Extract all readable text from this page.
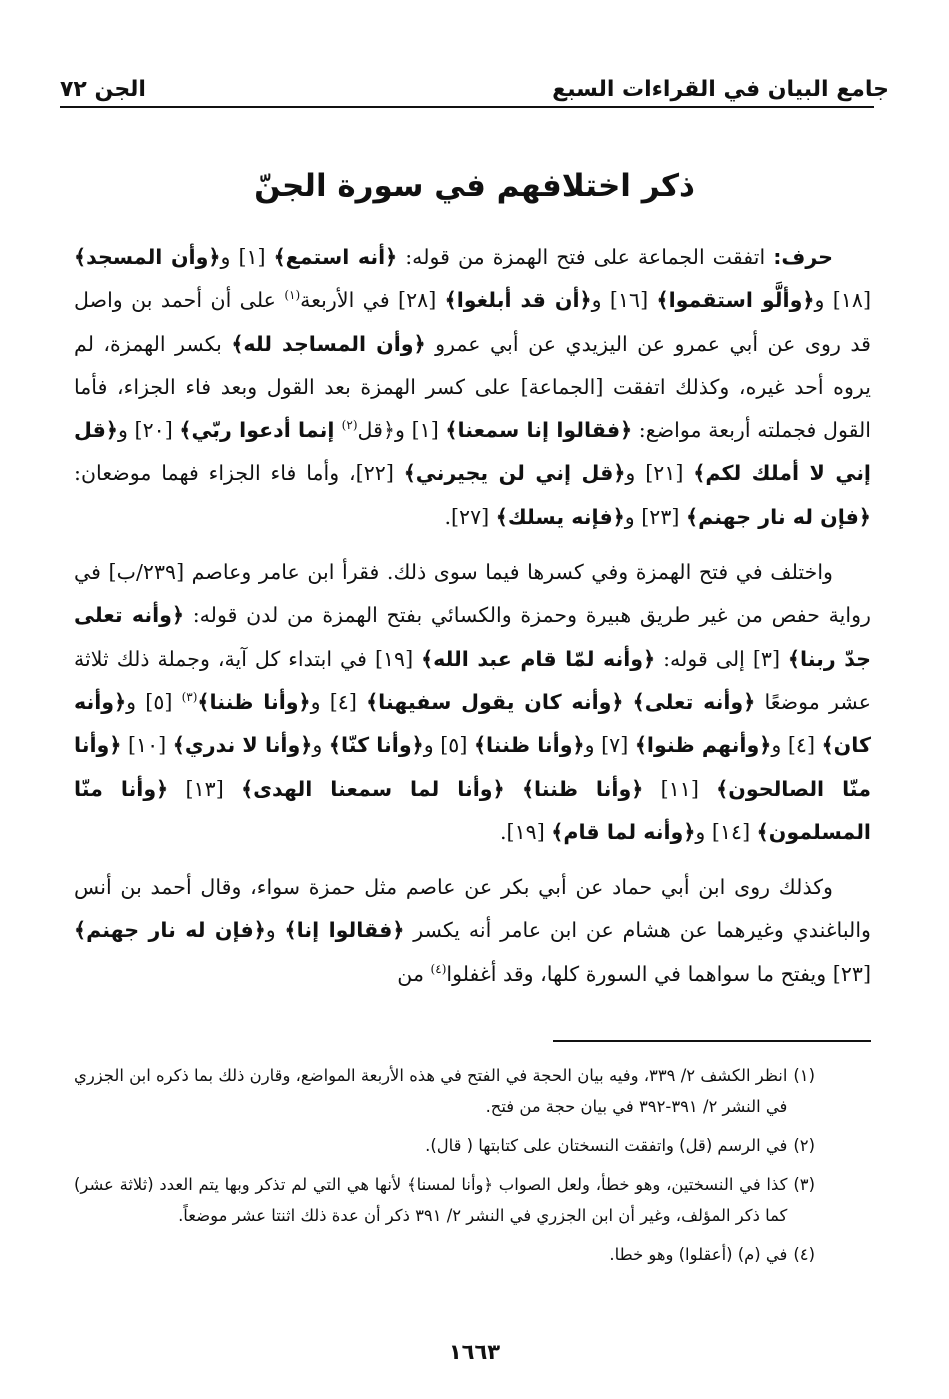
جامع البيان في القراءات السبع
الجن ٧٢
ذكر اختلافهم في سورة الجنّ

حرف: اتفقت الجماعة على فتح الهمزة من قوله: ﴿أنه استمع﴾ [١] و﴿وأن المسجد﴾ [١٨] و﴿وألَّو استقموا﴾ [١٦] و﴿أن قد أبلغوا﴾ [٢٨] في الأربعة$^{(١)}$ على أن أحمد بن واصل قد روى عن أبي عمرو عن اليزيدي عن أبي عمرو ﴿وأن المساجد لله﴾ بكسر الهمزة، لم يروه أحد غيره، وكذلك اتفقت [الجماعة] على كسر الهمزة بعد القول وبعد فاء الجزاء، فأما القول فجملته أربعة مواضع: ﴿فقالوا إنا سمعنا﴾ [١] و﴿قل$^{(٢)}$ إنما أدعوا ربّي﴾ [٢٠] و﴿قل إني لا أملك لكم﴾ [٢١] و﴿قل إني لن يجيرني﴾ [٢٢]، وأما فاء الجزاء فهما موضعان: ﴿فإن له نار جهنم﴾ [٢٣] و﴿فإنه يسلك﴾ [٢٧].

واختلف في فتح الهمزة وفي كسرها فيما سوى ذلك. فقرأ ابن عامر وعاصم [٢٣٩/ب] في رواية حفص من غير طريق هبيرة وحمزة والكسائي بفتح الهمزة من لدن قوله: ﴿وأنه تعلى جدّ ربنا﴾ [٣] إلى قوله: ﴿وأنه لمّا قام عبد الله﴾ [١٩] في ابتداء كل آية، وجملة ذلك ثلاثة عشر موضعًا ﴿وأنه تعلى﴾ ﴿وأنه كان يقول سفيهنا﴾ [٤] و﴿وأنا ظننا﴾$^{(٣)}$ [٥] و﴿وأنه كان﴾ [٤] و﴿وأنهم ظنوا﴾ [٧] و﴿وأنا ظننا﴾ [٥] و﴿وأنا كنّا﴾ و﴿وأنا لا ندري﴾ [١٠] ﴿وأنا منّا الصالحون﴾ [١١] ﴿وأنا ظننا﴾ ﴿وأنا لما سمعنا الهدى﴾ [١٣] ﴿وأنا منّا المسلمون﴾ [١٤] و﴿وأنه لما قام﴾ [١٩].

وكذلك روى ابن أبي حماد عن أبي بكر عن عاصم مثل حمزة سواء، وقال أحمد بن أنس والباغندي وغيرهما عن هشام عن ابن عامر أنه يكسر ﴿فقالوا إنا﴾ و﴿فإن له نار جهنم﴾ [٢٣] ويفتح ما سواهما في السورة كلها، وقد أغفلوا$^{(٤)}$ من

(١)
انظر الكشف ٢/ ٣٣٩، وفيه بيان الحجة في الفتح في هذه الأربعة المواضع، وقارن ذلك بما ذكره ابن الجزري في النشر ٢/ ٣٩١-٣٩٢ في بيان حجة من فتح.
(٢)
في الرسم (قل) واتفقت النسختان على كتابتها ( قال).
(٣)
كذا في النسختين، وهو خطأ، ولعل الصواب ﴿وأنا لمسنا﴾ لأنها هي التي لم تذكر وبها يتم العدد (ثلاثة عشر) كما ذكر المؤلف، وغير أن ابن الجزري في النشر ٢/ ٣٩١ ذكر أن عدة ذلك اثنتا عشر موضعاً.
(٤)
في (م) (أعقلوا) وهو خطا.
١٦٦٣
